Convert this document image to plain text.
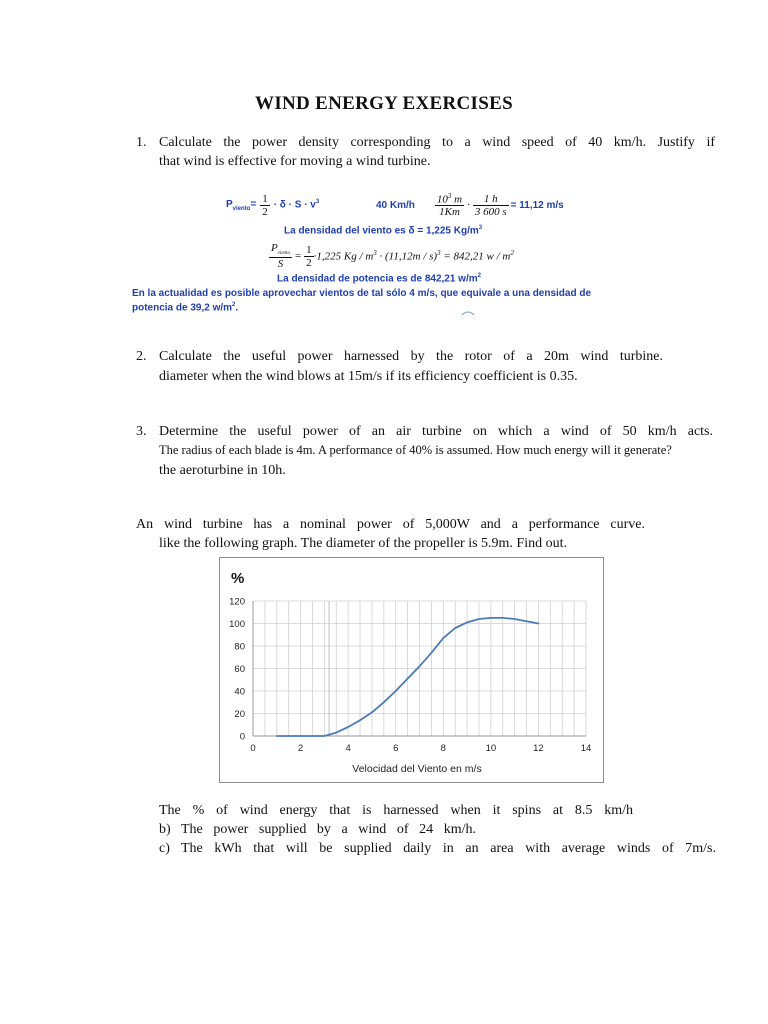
WIND ENERGY EXERCISES
1. Calculate the power density corresponding to a wind speed of 40 km/h. Justify if
that wind is effective for moving a wind turbine.
$P_{viento}= \frac{1}{2} \cdot \delta \cdot S \cdot v^3$	40 $Km/h \frac{10^3 m}{1Km} \cdot \frac{1 h}{3 600 s} = 11,12$ m/s
La densidad del viento es δ = 1,225 $Kg/m^3$
$\frac{P_{viento}}{S} = \frac{1}{2} \cdot 1,225$ $Kg / m^3 \cdot (11,12m / s)^3 = 842,21$ w / $m^2$
La densidad de potencia es de 842,21 $w/m^2$
En la actualidad es posible aprovechar vientos de tal sólo 4 m/s, que equivale a una densidad de
potencia de 39,2 $w/m^2$.
2. Calculate the useful power harnessed by the rotor of a 20m wind turbine.
diameter when the wind blows at 15m/s if its efficiency coefficient is 0.35.
3. Determine the useful power of an air turbine on which a wind of 50 km/h acts.
The radius of each blade is 4m. A performance of 40% is assumed. How much energy will it generate?
the aeroturbine in 10h.
An wind turbine has a nominal power of 5,000W and a performance curve.
like the following graph. The diameter of the propeller is 5.9m. Find out.
%
0
20
40
60
80
100
120
0	2	4	6	8	10	12	14
Velocidad del Viento en m/s
The % of wind energy that is harnessed when it spins at 8.5 km/h
b) The power supplied by a wind of 24 km/h.
c) The kWh that will be supplied daily in an area with average winds of 7m/s.
